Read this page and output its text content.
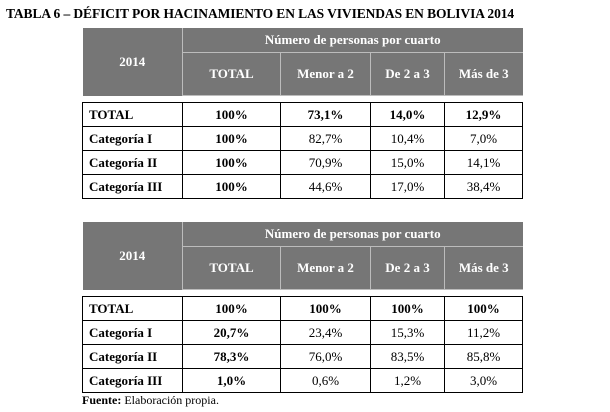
TABLA 6 – DÉFICIT POR HACINAMIENTO EN LAS VIVIENDAS EN BOLIVIA 2014
2014	Número de personas por cuarto			
	TOTAL	Menor a 2	De 2 a 3	Más de 3

TOTAL	100%	73,1%	14,0%	12,9%
Categoría I	100%	82,7%	10,4%	7,0%
Categoría II	100%	70,9%	15,0%	14,1%
Categoría III	100%	44,6%	17,0%	38,4%
2014	Número de personas por cuarto			
	TOTAL	Menor a 2	De 2 a 3	Más de 3

TOTAL	100%	100%	100%	100%
Categoría I	20,7%	23,4%	15,3%	11,2%
Categoría II	78,3%	76,0%	83,5%	85,8%
Categoría III	1,0%	0,6%	1,2%	3,0%
Fuente: Elaboración propia.
